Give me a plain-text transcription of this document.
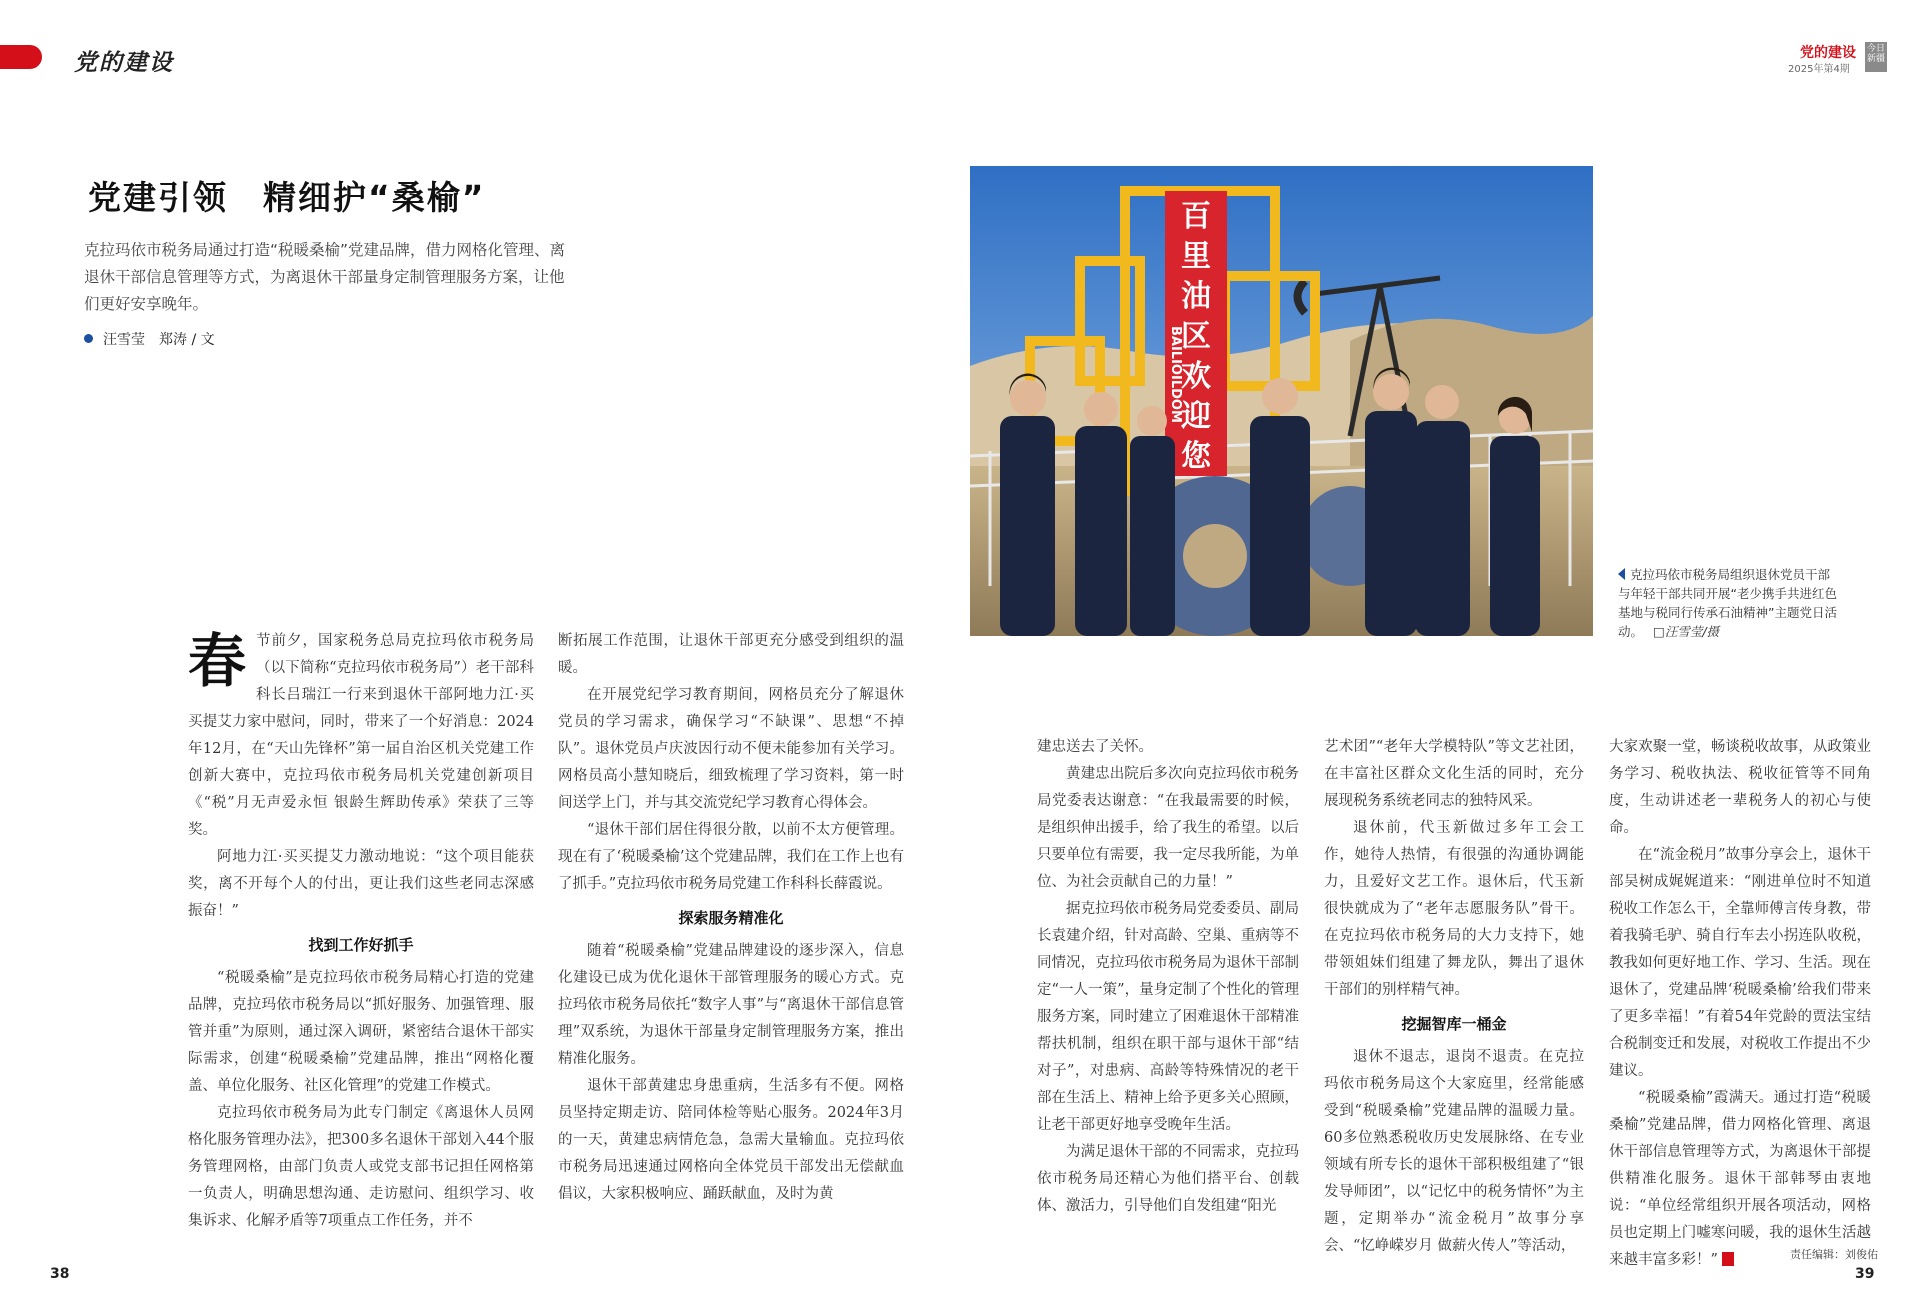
党的建设	党的建设
2025年第4期
今日
新疆
党建引领　精细护“桑榆”
克拉玛依市税务局通过打造“税暖桑榆”党建品牌，借力网格化管理、离退休干部信息管理等方式，为离退休干部量身定制管理服务方案，让他们更好安享晚年。
汪雪莹　郑涛 / 文
百
里
油
区
欢
迎
您
BAILIOILDOM
克拉玛依市税务局组织退休党员干部与年轻干部共同开展“老少携手共进红色基地与税同行传承石油精神”主题党日活动。 □汪雪莹/摄

春节前夕，国家税务总局克拉玛依市税务局（以下简称“克拉玛依市税务局”）老干部科科长吕瑞江一行来到退休干部阿地力江·买买提艾力家中慰问，同时，带来了一个好消息：2024年12月，在“天山先锋杯”第一届自治区机关党建工作创新大赛中，克拉玛依市税务局机关党建创新项目《“税”月无声爱永恒 银龄生辉助传承》荣获了三等奖。

阿地力江·买买提艾力激动地说：“这个项目能获奖，离不开每个人的付出，更让我们这些老同志深感振奋！”

找到工作好抓手

“税暖桑榆”是克拉玛依市税务局精心打造的党建品牌，克拉玛依市税务局以“抓好服务、加强管理、服管并重”为原则，通过深入调研，紧密结合退休干部实际需求，创建“税暖桑榆”党建品牌，推出“网格化覆盖、单位化服务、社区化管理”的党建工作模式。

克拉玛依市税务局为此专门制定《离退休人员网格化服务管理办法》，把300多名退休干部划入44个服务管理网格，由部门负责人或党支部书记担任网格第一负责人，明确思想沟通、走访慰问、组织学习、收集诉求、化解矛盾等7项重点工作任务，并不

断拓展工作范围，让退休干部更充分感受到组织的温暖。

在开展党纪学习教育期间，网格员充分了解退休党员的学习需求，确保学习“不缺课”、思想“不掉队”。退休党员卢庆波因行动不便未能参加有关学习。网格员高小慧知晓后，细致梳理了学习资料，第一时间送学上门，并与其交流党纪学习教育心得体会。

“退休干部们居住得很分散，以前不太方便管理。现在有了‘税暖桑榆’这个党建品牌，我们在工作上也有了抓手。”克拉玛依市税务局党建工作科科长薛霞说。

探索服务精准化

随着“税暖桑榆”党建品牌建设的逐步深入，信息化建设已成为优化退休干部管理服务的暖心方式。克拉玛依市税务局依托“数字人事”与“离退休干部信息管理”双系统，为退休干部量身定制管理服务方案，推出精准化服务。

退休干部黄建忠身患重病，生活多有不便。网格员坚持定期走访、陪同体检等贴心服务。2024年3月的一天，黄建忠病情危急，急需大量输血。克拉玛依市税务局迅速通过网格向全体党员干部发出无偿献血倡议，大家积极响应、踊跃献血，及时为黄

建忠送去了关怀。

黄建忠出院后多次向克拉玛依市税务局党委表达谢意：“在我最需要的时候，是组织伸出援手，给了我生的希望。以后只要单位有需要，我一定尽我所能，为单位、为社会贡献自己的力量！”

据克拉玛依市税务局党委委员、副局长袁建介绍，针对高龄、空巢、重病等不同情况，克拉玛依市税务局为退休干部制定“一人一策”，量身定制了个性化的管理服务方案，同时建立了困难退休干部精准帮扶机制，组织在职干部与退休干部“结对子”，对患病、高龄等特殊情况的老干部在生活上、精神上给予更多关心照顾，让老干部更好地享受晚年生活。

为满足退休干部的不同需求，克拉玛依市税务局还精心为他们搭平台、创载体、激活力，引导他们自发组建“阳光

艺术团”“老年大学模特队”等文艺社团，在丰富社区群众文化生活的同时，充分展现税务系统老同志的独特风采。

退休前，代玉新做过多年工会工作，她待人热情，有很强的沟通协调能力，且爱好文艺工作。退休后，代玉新很快就成为了“老年志愿服务队”骨干。在克拉玛依市税务局的大力支持下，她带领姐妹们组建了舞龙队，舞出了退休干部们的别样精气神。

挖掘智库一桶金

退休不退志，退岗不退责。在克拉玛依市税务局这个大家庭里，经常能感受到“税暖桑榆”党建品牌的温暖力量。60多位熟悉税收历史发展脉络、在专业领域有所专长的退休干部积极组建了“银发导师团”，以“记忆中的税务情怀”为主题，定期举办“流金税月”故事分享会、“忆峥嵘岁月 做薪火传人”等活动，

大家欢聚一堂，畅谈税收故事，从政策业务学习、税收执法、税收征管等不同角度，生动讲述老一辈税务人的初心与使命。

在“流金税月”故事分享会上，退休干部吴树成娓娓道来：“刚进单位时不知道税收工作怎么干，全靠师傅言传身教，带着我骑毛驴、骑自行车去小拐连队收税，教我如何更好地工作、学习、生活。现在退休了，党建品牌‘税暖桑榆’给我们带来了更多幸福！”有着54年党龄的贾法宝结合税制变迁和发展，对税收工作提出不少建议。

“税暖桑榆”霞满天。通过打造“税暖桑榆”党建品牌，借力网格化管理、离退休干部信息管理等方式，为离退休干部提供精准化服务。退休干部韩琴由衷地说：“单位经常组织开展各项活动，网格员也定期上门嘘寒问暖，我的退休生活越来越丰富多彩！”

38
责任编辑：刘俊佑
39
